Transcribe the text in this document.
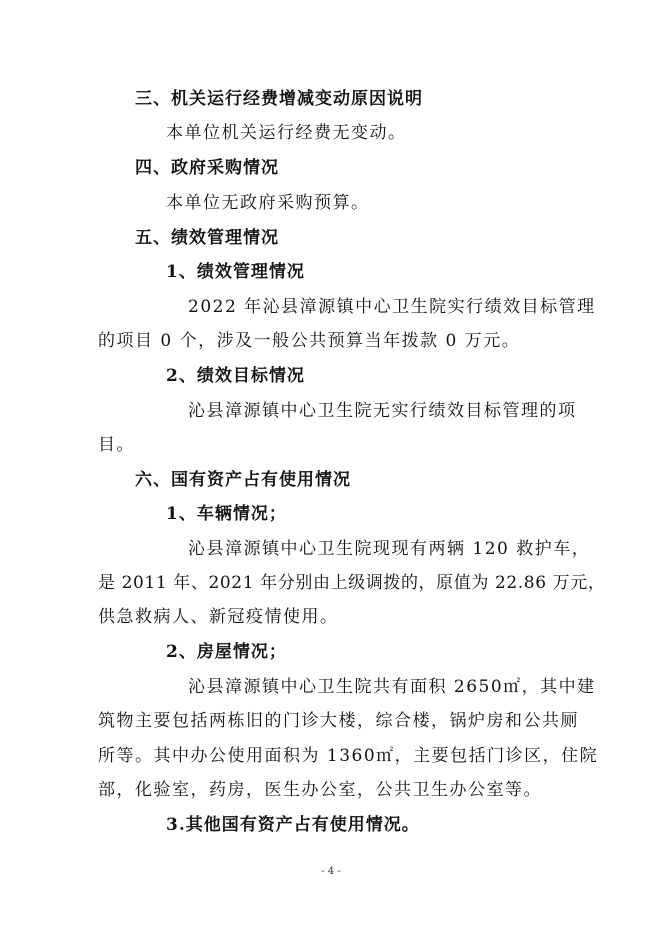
三、机关运行经费增减变动原因说明
本单位机关运行经费无变动。
四、政府采购情况
本单位无政府采购预算。
五、绩效管理情况
1、绩效管理情况
2022 年沁县漳源镇中心卫生院实行绩效目标管理
的项目 0 个，涉及一般公共预算当年拨款 0 万元。
2、绩效目标情况
沁县漳源镇中心卫生院无实行绩效目标管理的项
目。
六、国有资产占有使用情况
1、车辆情况；
沁县漳源镇中心卫生院现现有两辆 120 救护车，
是 2011 年、2021 年分别由上级调拨的，原值为 22.86 万元，
供急救病人、新冠疫情使用。
2、房屋情况；
沁县漳源镇中心卫生院共有面积 2650㎡，其中建
筑物主要包括两栋旧的门诊大楼，综合楼，锅炉房和公共厕
所等。其中办公使用面积为 1360㎡，主要包括门诊区，住院
部，化验室，药房，医生办公室，公共卫生办公室等。
3.其他国有资产占有使用情况。
- 4 -
